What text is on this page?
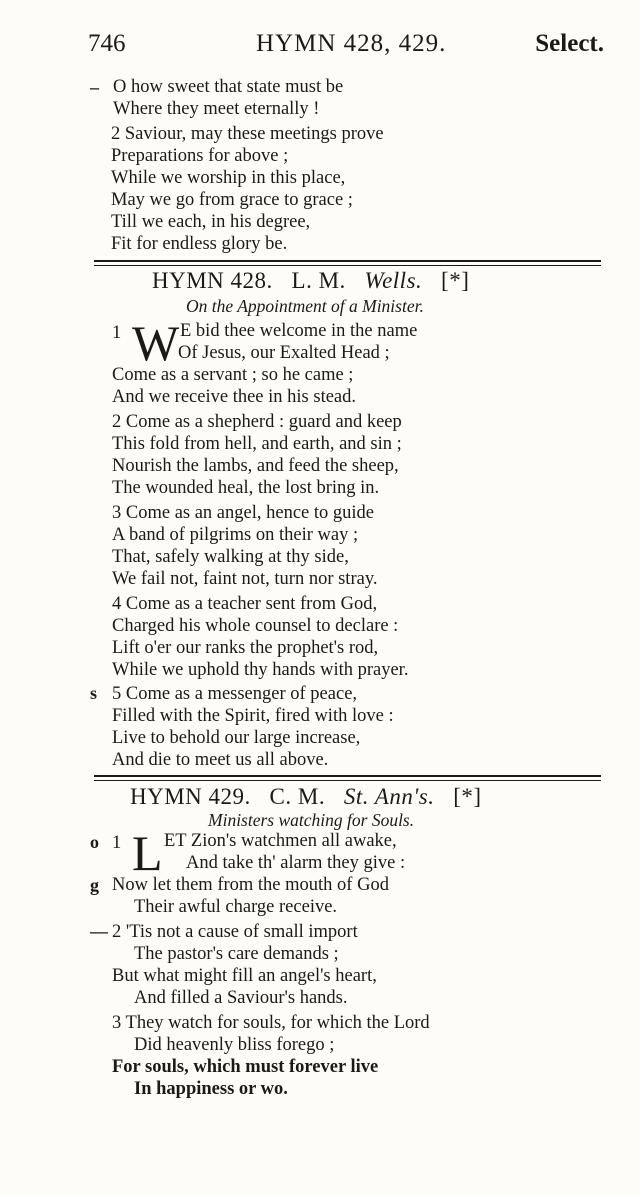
746	HYMN 428, 429.	Select.
– O how sweet that state must be
Where they meet eternally !
2 Saviour, may these meetings prove
Preparations for above ;
While we worship in this place,
May we go from grace to grace ;
Till we each, in his degree,
Fit for endless glory be.
HYMN 428. L. M. Wells. [*]
On the Appointment of a Minister.
1 W E bid thee welcome in the name
Of Jesus, our Exalted Head ;
Come as a servant ; so he came ;
And we receive thee in his stead.
2 Come as a shepherd : guard and keep
This fold from hell, and earth, and sin ;
Nourish the lambs, and feed the sheep,
The wounded heal, the lost bring in.
3 Come as an angel, hence to guide
A band of pilgrims on their way ;
That, safely walking at thy side,
We fail not, faint not, turn nor stray.
4 Come as a teacher sent from God,
Charged his whole counsel to declare :
Lift o'er our ranks the prophet's rod,
While we uphold thy hands with prayer.
s 5 Come as a messenger of peace,
Filled with the Spirit, fired with love :
Live to behold our large increase,
And die to meet us all above.
HYMN 429. C. M. St. Ann's. [*]
Ministers watching for Souls.
o 1 L ET Zion's watchmen all awake,
And take th' alarm they give :
g Now let them from the mouth of God
Their awful charge receive.
— 2 'Tis not a cause of small import
The pastor's care demands ;
But what might fill an angel's heart,
And filled a Saviour's hands.
3 They watch for souls, for which the Lord
Did heavenly bliss forego ;
For souls, which must forever live
In happiness or wo.
